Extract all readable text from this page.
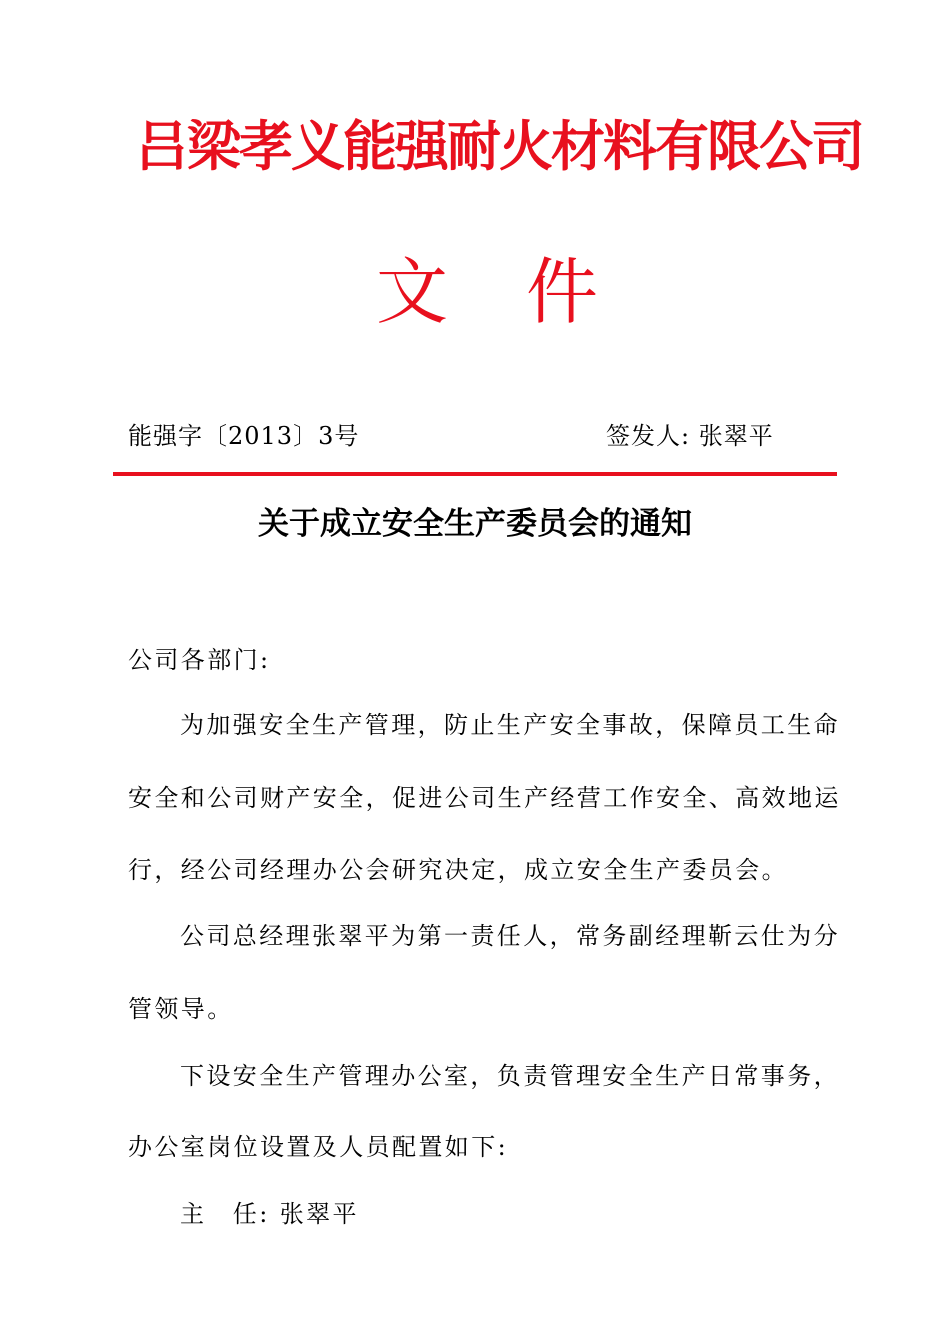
吕梁孝义能强耐火材料有限公司
文件
能强字〔2013〕3号	签发人: 张翠平
关于成立安全生产委员会的通知
公司各部门:
为加强安全生产管理，防止生产安全事故，保障员工生命
安全和公司财产安全，促进公司生产经营工作安全、高效地运
行，经公司经理办公会研究决定，成立安全生产委员会。
公司总经理张翠平为第一责任人，常务副经理靳云仕为分
管领导。
下设安全生产管理办公室，负责管理安全生产日常事务，
办公室岗位设置及人员配置如下:
主　任: 张翠平
